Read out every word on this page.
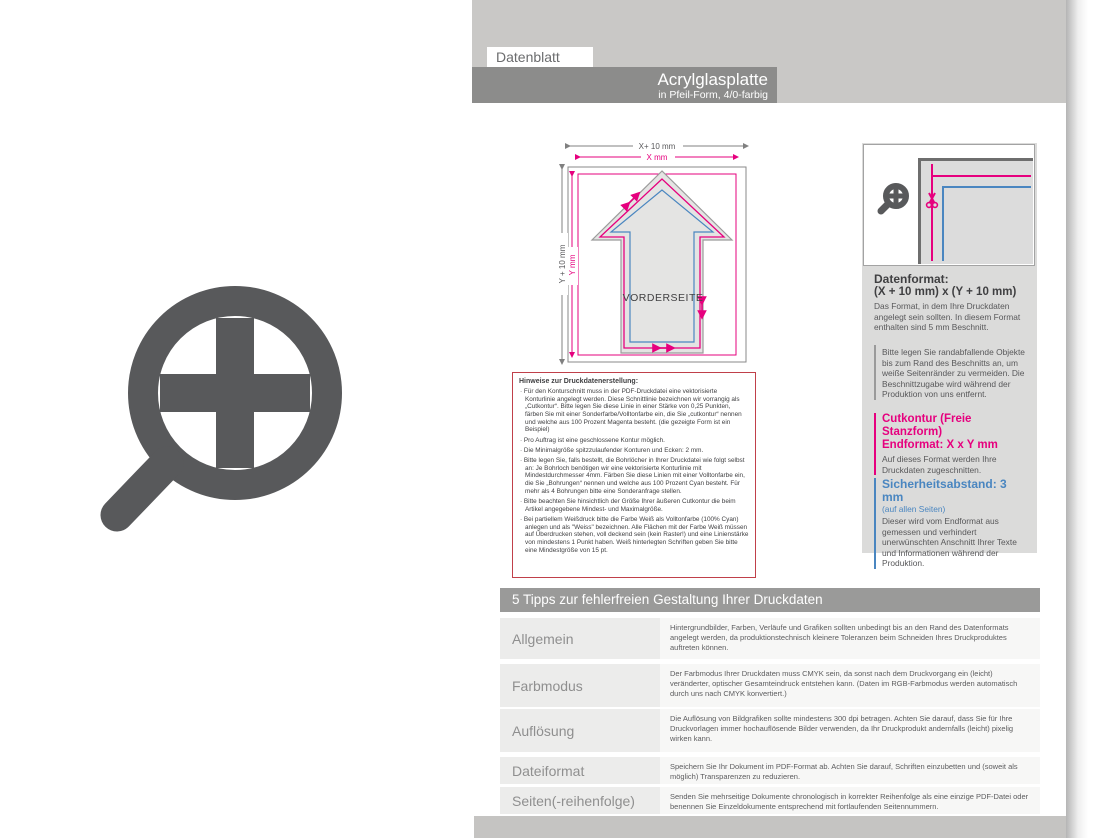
Datenblatt
Acrylglasplatte
in Pfeil-Form, 4/0-farbig
X+ 10 mm
X mm
Y + 10 mm Y mm
VORDERSEITE
Hinweise zur Druckdatenerstellung:
· Für den Konturschnitt muss in der PDF-Druckdatei eine vektorisierte Konturlinie angelegt werden. Diese Schnittlinie bezeichnen wir vorrangig als „Cutkontur“. Bitte legen Sie diese Linie in einer Stärke von 0,25 Punkten, färben Sie mit einer Sonderfarbe/Volltonfarbe ein, die Sie „cutkontur“ nennen und welche aus 100 Prozent Magenta besteht. (die gezeigte Form ist ein Beispiel)
· Pro Auftrag ist eine geschlossene Kontur möglich.
· Die Minimalgröße spitzzulaufender Konturen und Ecken: 2 mm.
· Bitte legen Sie, falls bestellt, die Bohrlöcher in Ihrer Druckdatei wie folgt selbst an: Je Bohrloch benötigen wir eine vektorisierte Konturlinie mit Mindestdurchmesser 4mm. Färben Sie diese Linien mit einer Volltonfarbe ein, die Sie „Bohrungen“ nennen und welche aus 100 Prozent Cyan besteht. Für mehr als 4 Bohrungen bitte eine Sonderanfrage stellen.
· Bitte beachten Sie hinsichtlich der Größe Ihrer äußeren Cutkontur die beim Artikel angegebene Mindest- und Maximalgröße.
· Bei partiellem Weißdruck bitte die Farbe Weiß als Volltonfarbe (100% Cyan) anlegen und als "Weiss" bezeichnen. Alle Flächen mit der Farbe Weiß müssen auf Überdrucken stehen, voll deckend sein (kein Raster!) und eine Linienstärke von mindestens 1 Punkt haben. Weiß hinterlegten Schriften geben Sie bitte eine Mindestgröße von 15 pt.
Datenformat:
(X + 10 mm) x (Y + 10 mm)

Das Format, in dem Ihre Druckdaten angelegt sein sollten. In diesem Format enthalten sind 5 mm Beschnitt.

Bitte legen Sie randabfallende Objekte bis zum Rand des Beschnitts an, um weiße Seitenränder zu vermeiden. Die Beschnittzugabe wird während der Produktion von uns entfernt.

Cutkontur (Freie Stanzform)
Endformat: X x Y mm

Auf dieses Format werden Ihre Druckdaten zugeschnitten.

Sicherheitsabstand: 3 mm
(auf allen Seiten)

Dieser wird vom Endformat aus gemessen und verhindert unerwünschten Anschnitt Ihrer Texte und Informationen während der Produktion.

5 Tipps zur fehlerfreien Gestaltung Ihrer Druckdaten
Allgemein
Hintergrundbilder, Farben, Verläufe und Grafiken sollten unbedingt bis an den Rand des Datenformats angelegt werden, da produktionstechnisch kleinere Toleranzen beim Schneiden Ihres Druckproduktes auftreten können.
Farbmodus
Der Farbmodus Ihrer Druckdaten muss CMYK sein, da sonst nach dem Druckvorgang ein (leicht) veränderter, optischer Gesamteindruck entstehen kann. (Daten im RGB-Farbmodus werden automatisch durch uns nach CMYK konvertiert.)
Auflösung
Die Auflösung von Bildgrafiken sollte mindestens 300 dpi betragen. Achten Sie darauf, dass Sie für Ihre Druckvorlagen immer hochauflösende Bilder verwenden, da Ihr Druckprodukt andernfalls (leicht) pixelig wirken kann.
Dateiformat	Speichern Sie Ihr Dokument im PDF-Format ab. Achten Sie darauf, Schriften einzubetten und (soweit als möglich) Transparenzen zu reduzieren.
Seiten(-reihenfolge)	Senden Sie mehrseitige Dokumente chronologisch in korrekter Reihenfolge als eine einzige PDF-Datei oder benennen Sie Einzeldokumente entsprechend mit fortlaufenden Seitennummern.
